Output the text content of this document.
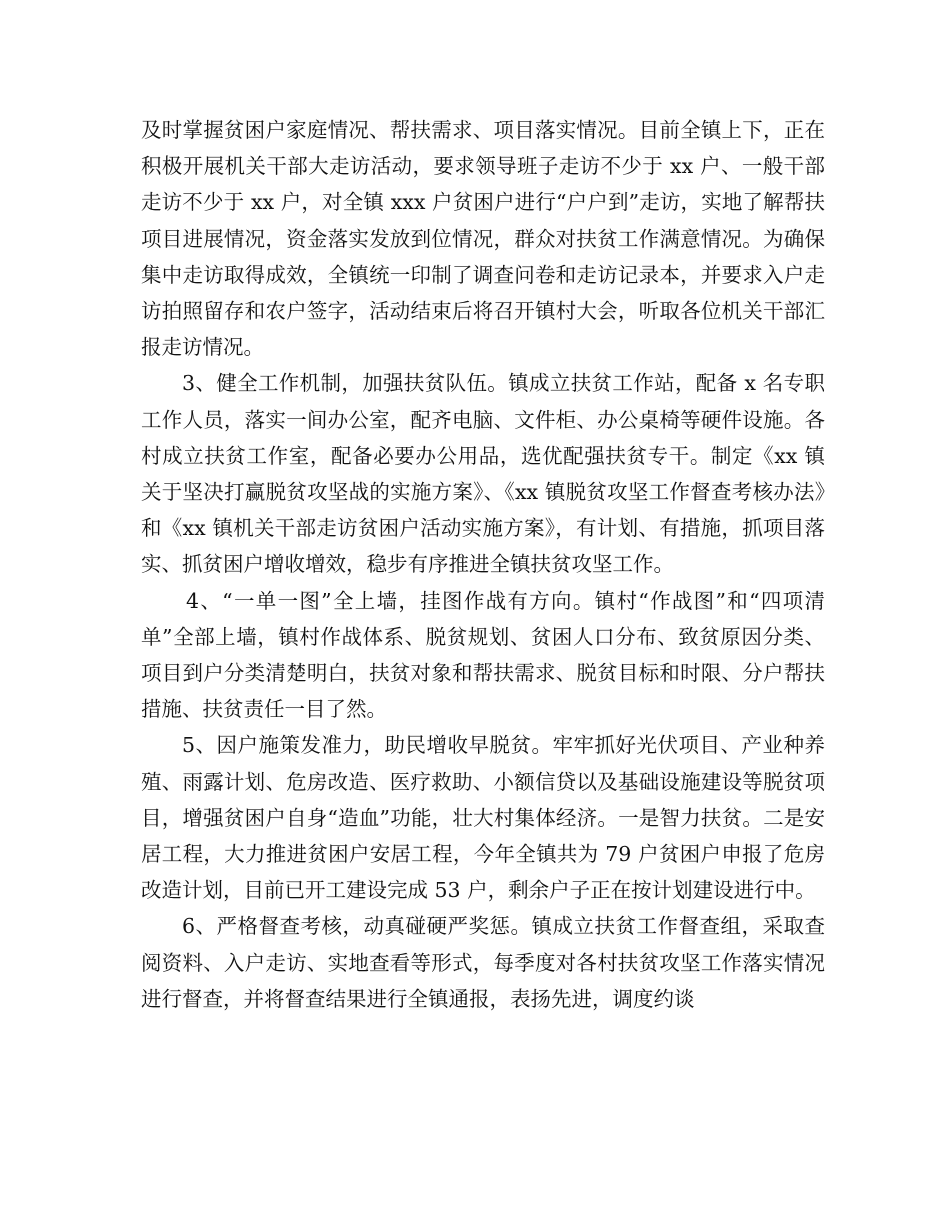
及时掌握贫困户家庭情况、帮扶需求、项目落实情况。目前全镇上下，正在积极开展机关干部大走访活动，要求领导班子走访不少于 xx 户、一般干部走访不少于 xx 户，对全镇 xxx 户贫困户进行“户户到”走访，实地了解帮扶项目进展情况，资金落实发放到位情况，群众对扶贫工作满意情况。为确保集中走访取得成效，全镇统一印制了调查问卷和走访记录本，并要求入户走访拍照留存和农户签字，活动结束后将召开镇村大会，听取各位机关干部汇报走访情况。

3、健全工作机制，加强扶贫队伍。镇成立扶贫工作站，配备 x 名专职工作人员，落实一间办公室，配齐电脑、文件柜、办公桌椅等硬件设施。各村成立扶贫工作室，配备必要办公用品，选优配强扶贫专干。制定《xx 镇关于坚决打赢脱贫攻坚战的实施方案》、《xx 镇脱贫攻坚工作督查考核办法》和《xx 镇机关干部走访贫困户活动实施方案》，有计划、有措施，抓项目落实、抓贫困户增收增效，稳步有序推进全镇扶贫攻坚工作。

4、“一单一图”全上墙，挂图作战有方向。镇村“作战图”和“四项清单”全部上墙，镇村作战体系、脱贫规划、贫困人口分布、致贫原因分类、项目到户分类清楚明白，扶贫对象和帮扶需求、脱贫目标和时限、分户帮扶措施、扶贫责任一目了然。

5、因户施策发准力，助民增收早脱贫。牢牢抓好光伏项目、产业种养殖、雨露计划、危房改造、医疗救助、小额信贷以及基础设施建设等脱贫项目，增强贫困户自身“造血”功能，壮大村集体经济。一是智力扶贫。二是安居工程，大力推进贫困户安居工程，今年全镇共为 79 户贫困户申报了危房改造计划，目前已开工建设完成 53 户，剩余户子正在按计划建设进行中。

6、严格督查考核，动真碰硬严奖惩。镇成立扶贫工作督查组，采取查阅资料、入户走访、实地查看等形式，每季度对各村扶贫攻坚工作落实情况进行督查，并将督查结果进行全镇通报，表扬先进，调度约谈
